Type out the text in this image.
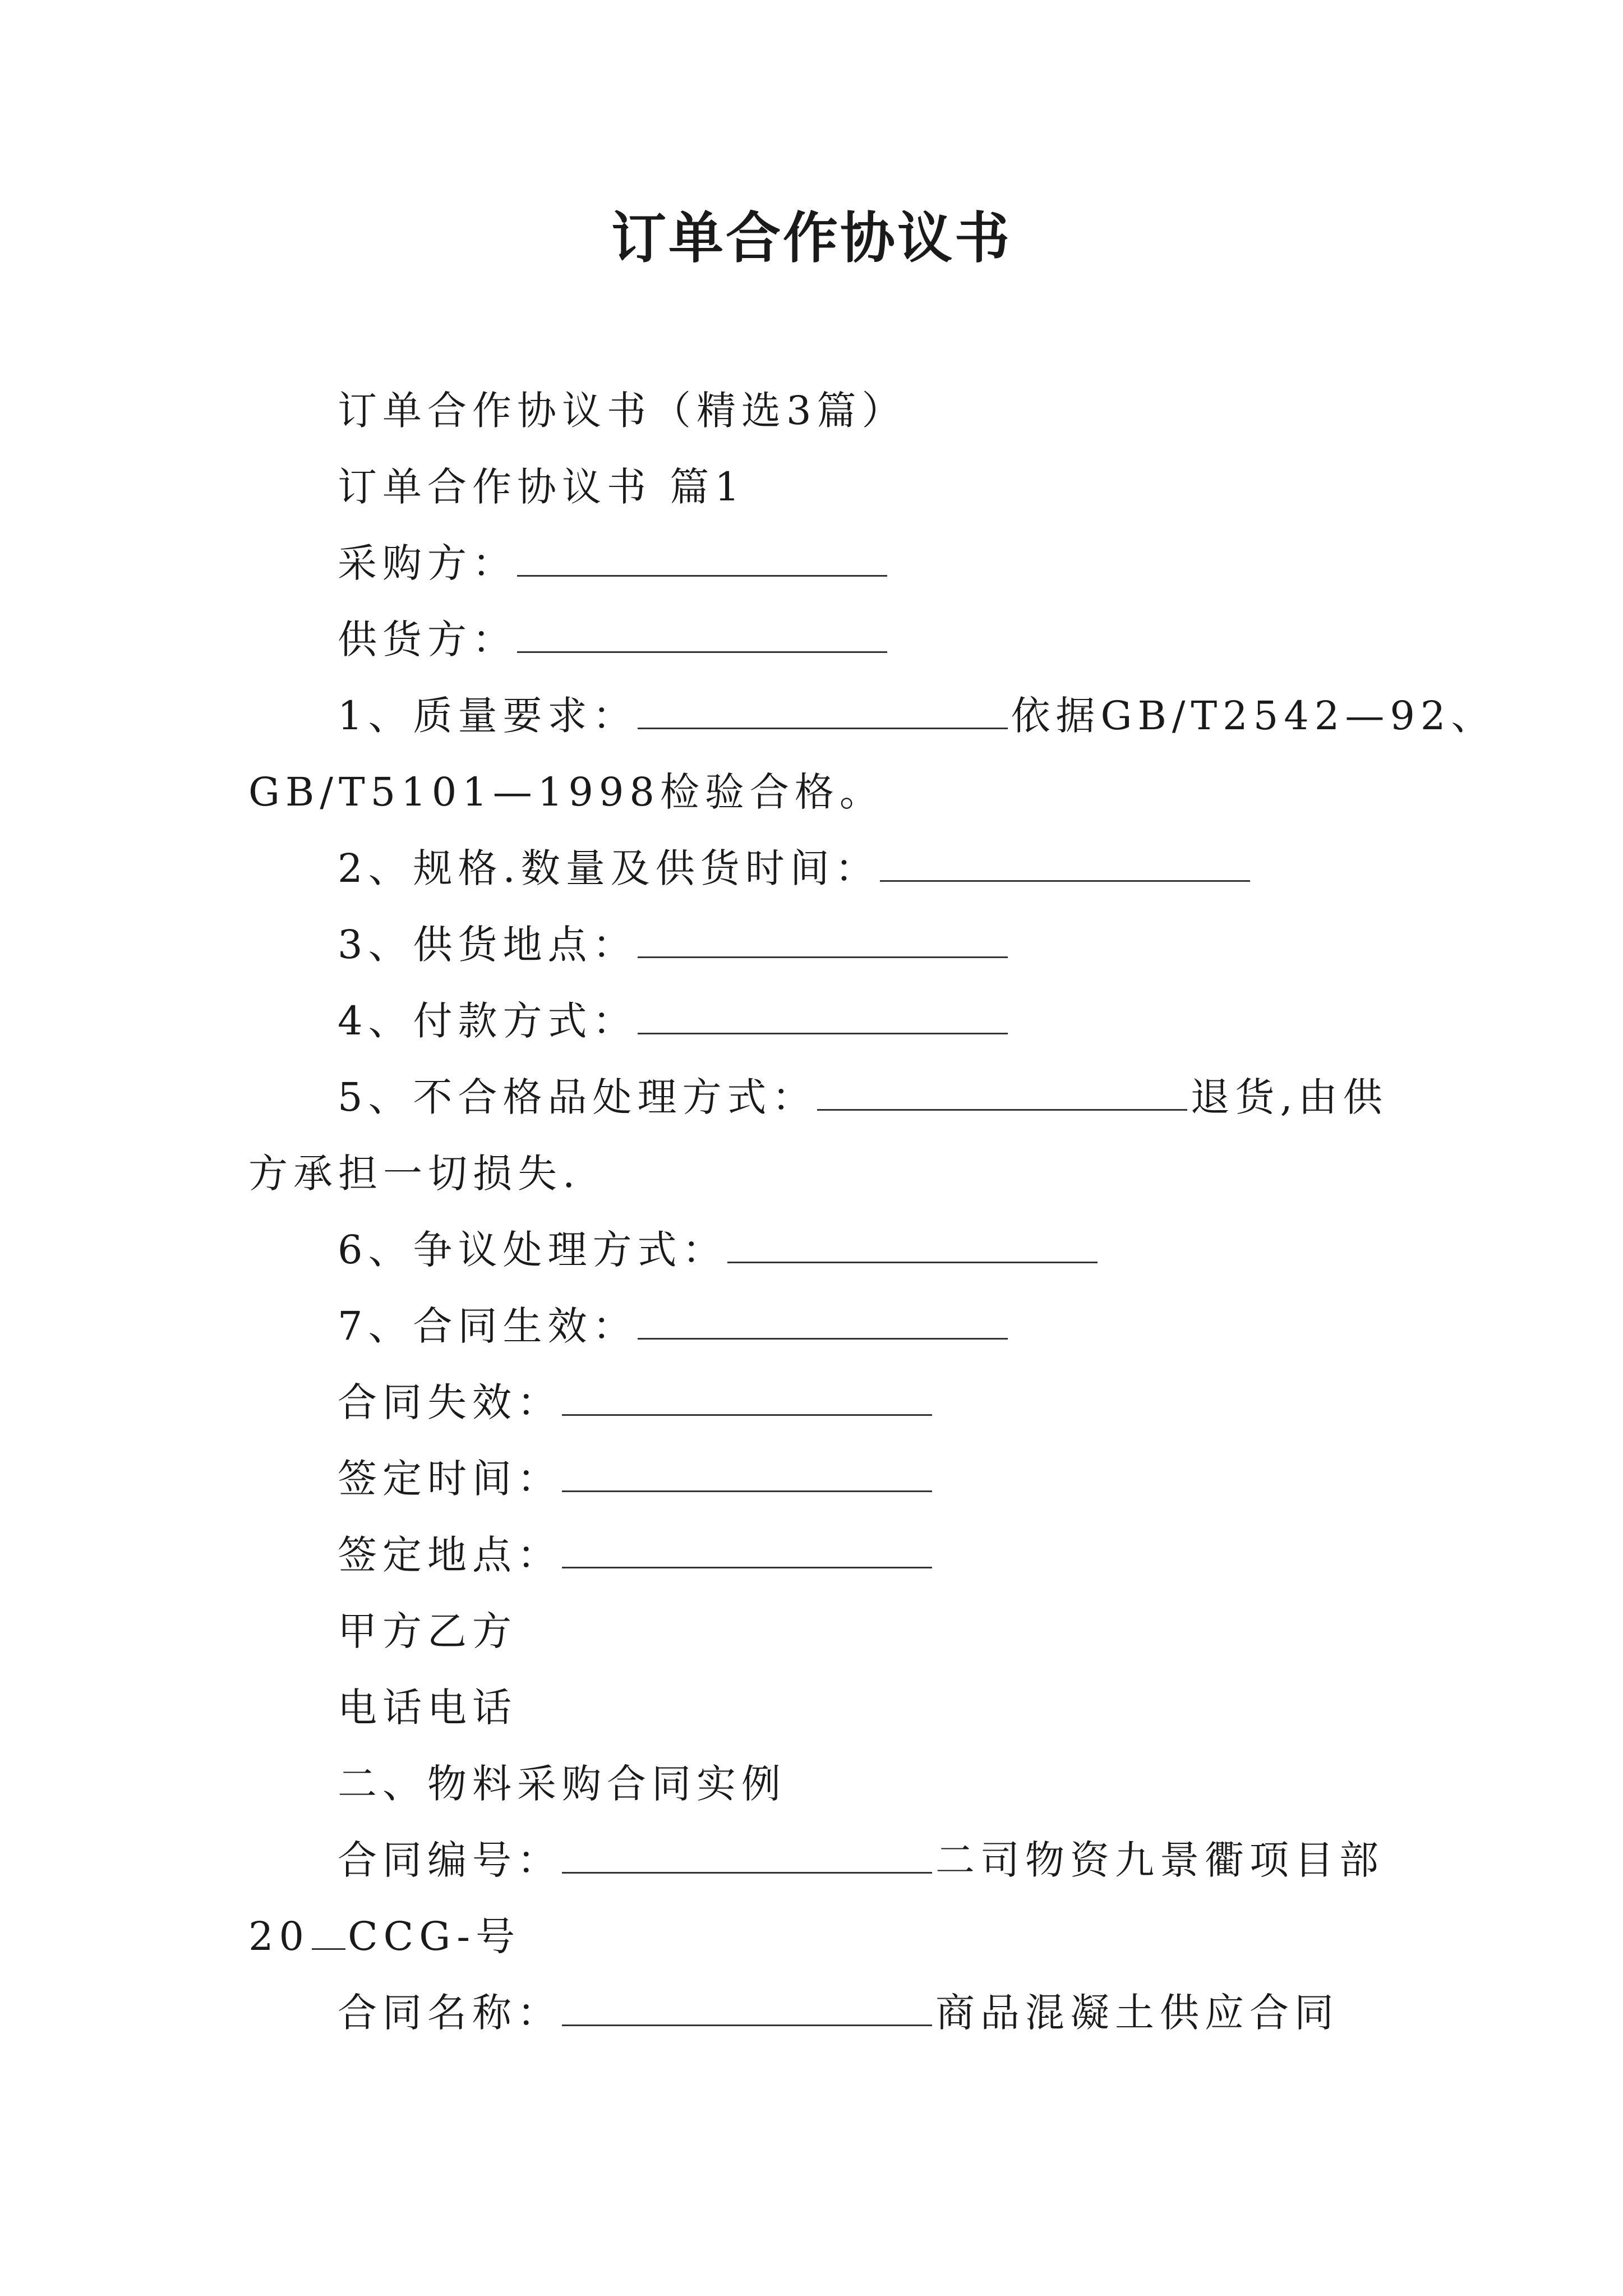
订单合作协议书
订单合作协议书（精选3篇）
订单合作协议书 篇1
采购方：
供货方：
1、质量要求：	依据GB/T2542—92、
GB/T5101—1998检验合格。
2、规格.数量及供货时间：
3、供货地点：
4、付款方式：
5、不合格品处理方式：	退货,由供
方承担一切损失.
6、争议处理方式：
7、合同生效：
合同失效：
签定时间：
签定地点：
甲方乙方
电话电话
二、物料采购合同实例
合同编号：	二司物资九景衢项目部
20 CCG-号
合同名称：	商品混凝土供应合同
